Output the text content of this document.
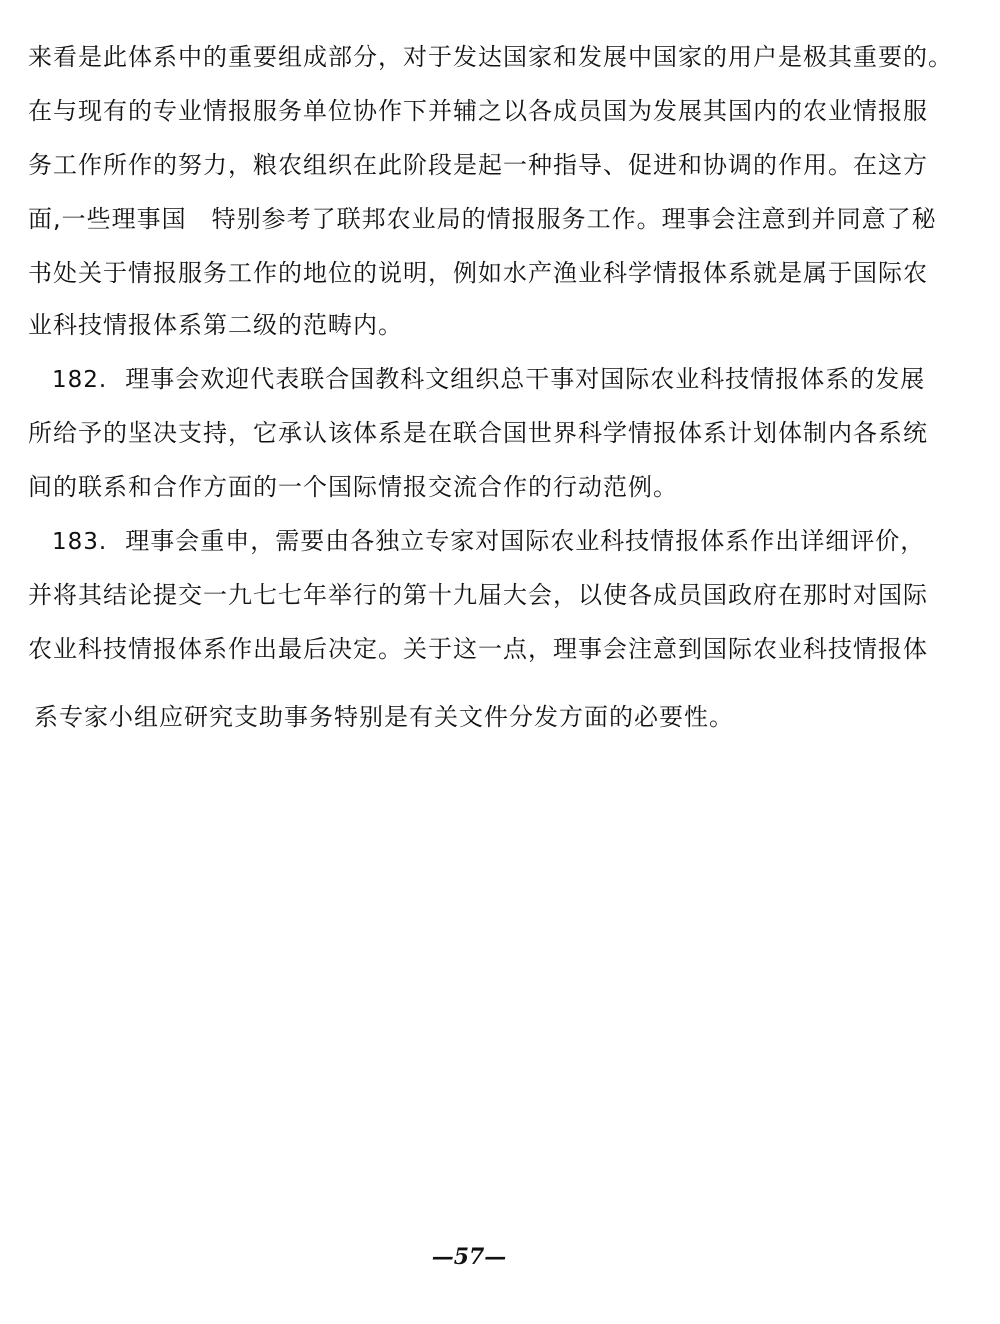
来看是此体系中的重要组成部分，对于发达国家和发展中国家的用户是极其重要的。
在与现有的专业情报服务单位协作下并辅之以各成员国为发展其国内的农业情报服
务工作所作的努力，粮农组织在此阶段是起一种指导、促进和协调的作用。在这方
面,一些理事国　特别参考了联邦农业局的情报服务工作。理事会注意到并同意了秘
书处关于情报服务工作的地位的说明，例如水产渔业科学情报体系就是属于国际农
业科技情报体系第二级的范畴内。
182. 理事会欢迎代表联合国教科文组织总干事对国际农业科技情报体系的发展
所给予的坚决支持，它承认该体系是在联合国世界科学情报体系计划体制内各系统
间的联系和合作方面的一个国际情报交流合作的行动范例。
183. 理事会重申，需要由各独立专家对国际农业科技情报体系作出详细评价，
并将其结论提交一九七七年举行的第十九届大会，以使各成员国政府在那时对国际
农业科技情报体系作出最后决定。关于这一点，理事会注意到国际农业科技情报体
系专家小组应研究支助事务特别是有关文件分发方面的必要性。
—57—
